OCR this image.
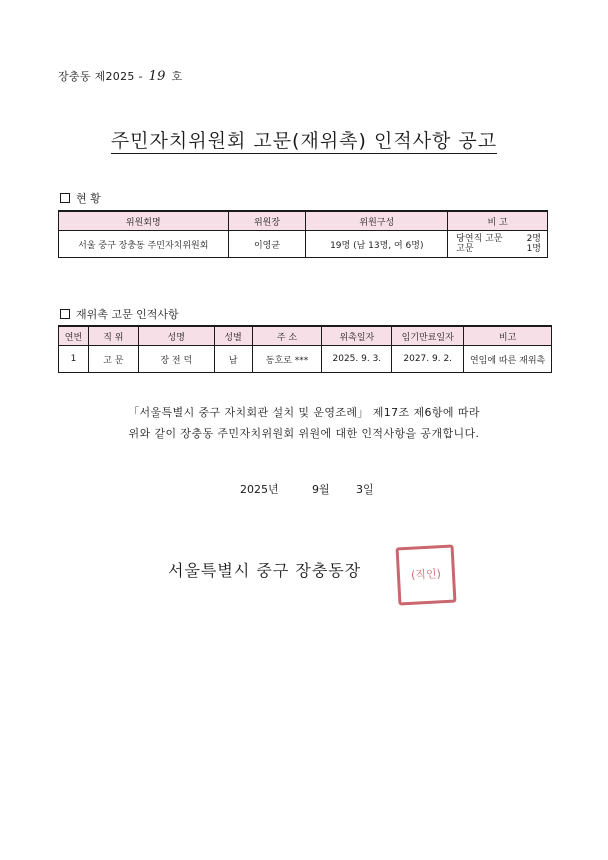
장충동 제2025 - 19 호
주민자치위원회 고문(재위촉) 인적사항 공고
현 황
위원회명	위원장	위원구성	비 고
서울 중구 장충동 주민자치위원회	이영균	19명 (남 13명, 여 6명)	당연직 고문 2명
고문 1명
재위촉 고문 인적사항
연번	직 위	성명	성별	주 소	위촉일자	임기만료일자	비고
1	고 문	장 전 덕	남	동호로 ***	2025. 9. 3.	2027. 9. 2.	연임에 따른 재위촉
「서울특별시 중구 자치회관 설치 및 운영조례」 제17조 제6항에 따라
위와 같이 장충동 주민자치위원회 위원에 대한 인적사항을 공개합니다.
2025년	9월 3일
서울특별시 중구 장충동장	(직인)
